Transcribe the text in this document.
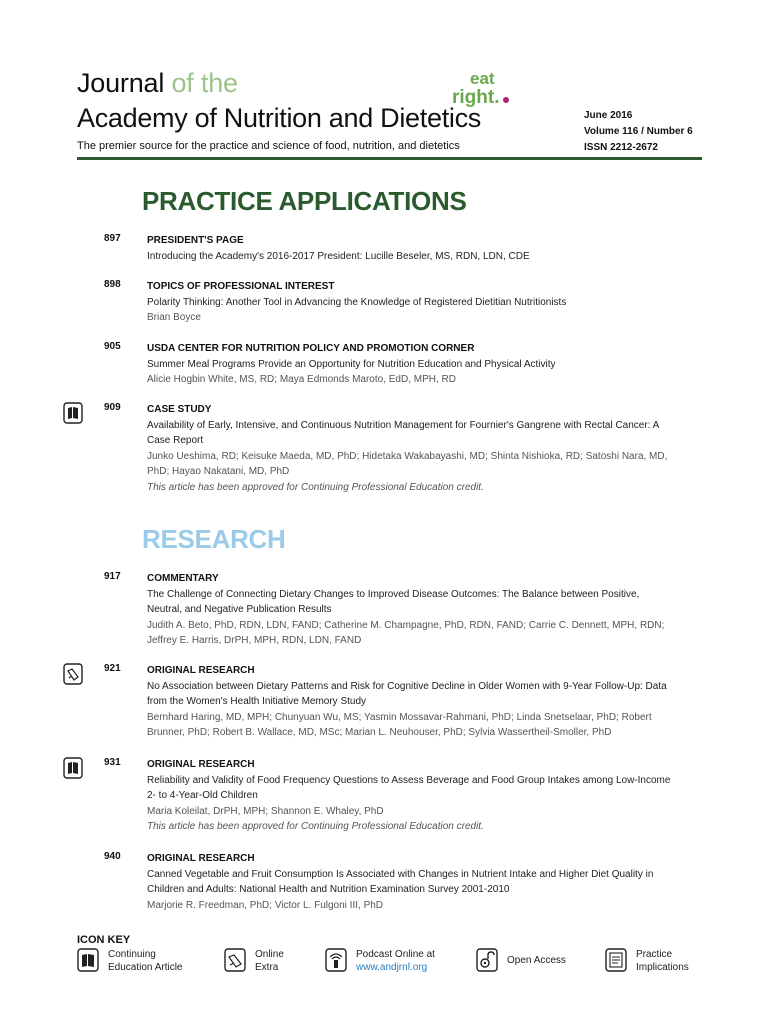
Journal of the
Academy of Nutrition and Dietetics
The premier source for the practice and science of food, nutrition, and dietetics
eat
right.
June 2016
Volume 116 / Number 6
ISSN 2212-2672
PRACTICE APPLICATIONS
897	PRESIDENT'S PAGE
Introducing the Academy's 2016-2017 President: Lucille Beseler, MS, RDN, LDN, CDE
898	TOPICS OF PROFESSIONAL INTEREST
Polarity Thinking: Another Tool in Advancing the Knowledge of Registered Dietitian Nutritionists
Brian Boyce
905	USDA CENTER FOR NUTRITION POLICY AND PROMOTION CORNER
Summer Meal Programs Provide an Opportunity for Nutrition Education and Physical Activity
Alicie Hogbin White, MS, RD; Maya Edmonds Maroto, EdD, MPH, RD
909	CASE STUDY
Availability of Early, Intensive, and Continuous Nutrition Management for Fournier's Gangrene with Rectal Cancer: A Case Report
Junko Ueshima, RD; Keisuke Maeda, MD, PhD; Hidetaka Wakabayashi, MD; Shinta Nishioka, RD; Satoshi Nara, MD, PhD; Hayao Nakatani, MD, PhD
This article has been approved for Continuing Professional Education credit.
RESEARCH
917	COMMENTARY
The Challenge of Connecting Dietary Changes to Improved Disease Outcomes: The Balance between Positive, Neutral, and Negative Publication Results
Judith A. Beto, PhD, RDN, LDN, FAND; Catherine M. Champagne, PhD, RDN, FAND; Carrie C. Dennett, MPH, RDN; Jeffrey E. Harris, DrPH, MPH, RDN, LDN, FAND
921	ORIGINAL RESEARCH
No Association between Dietary Patterns and Risk for Cognitive Decline in Older Women with 9-Year Follow-Up: Data from the Women's Health Initiative Memory Study
Bernhard Haring, MD, MPH; Chunyuan Wu, MS; Yasmin Mossavar-Rahmani, PhD; Linda Snetselaar, PhD; Robert Brunner, PhD; Robert B. Wallace, MD, MSc; Marian L. Neuhouser, PhD; Sylvia Wassertheil-Smoller, PhD
931	ORIGINAL RESEARCH
Reliability and Validity of Food Frequency Questions to Assess Beverage and Food Group Intakes among Low-Income 2- to 4-Year-Old Children
Maria Koleilat, DrPH, MPH; Shannon E. Whaley, PhD
This article has been approved for Continuing Professional Education credit.
940	ORIGINAL RESEARCH
Canned Vegetable and Fruit Consumption Is Associated with Changes in Nutrient Intake and Higher Diet Quality in Children and Adults: National Health and Nutrition Examination Survey 2001-2010
Marjorie R. Freedman, PhD; Victor L. Fulgoni III, PhD
ICON KEY
Continuing
Education Article
Online
Extra
Podcast Online at
www.andjrnl.org
Open Access
Practice
Implications
